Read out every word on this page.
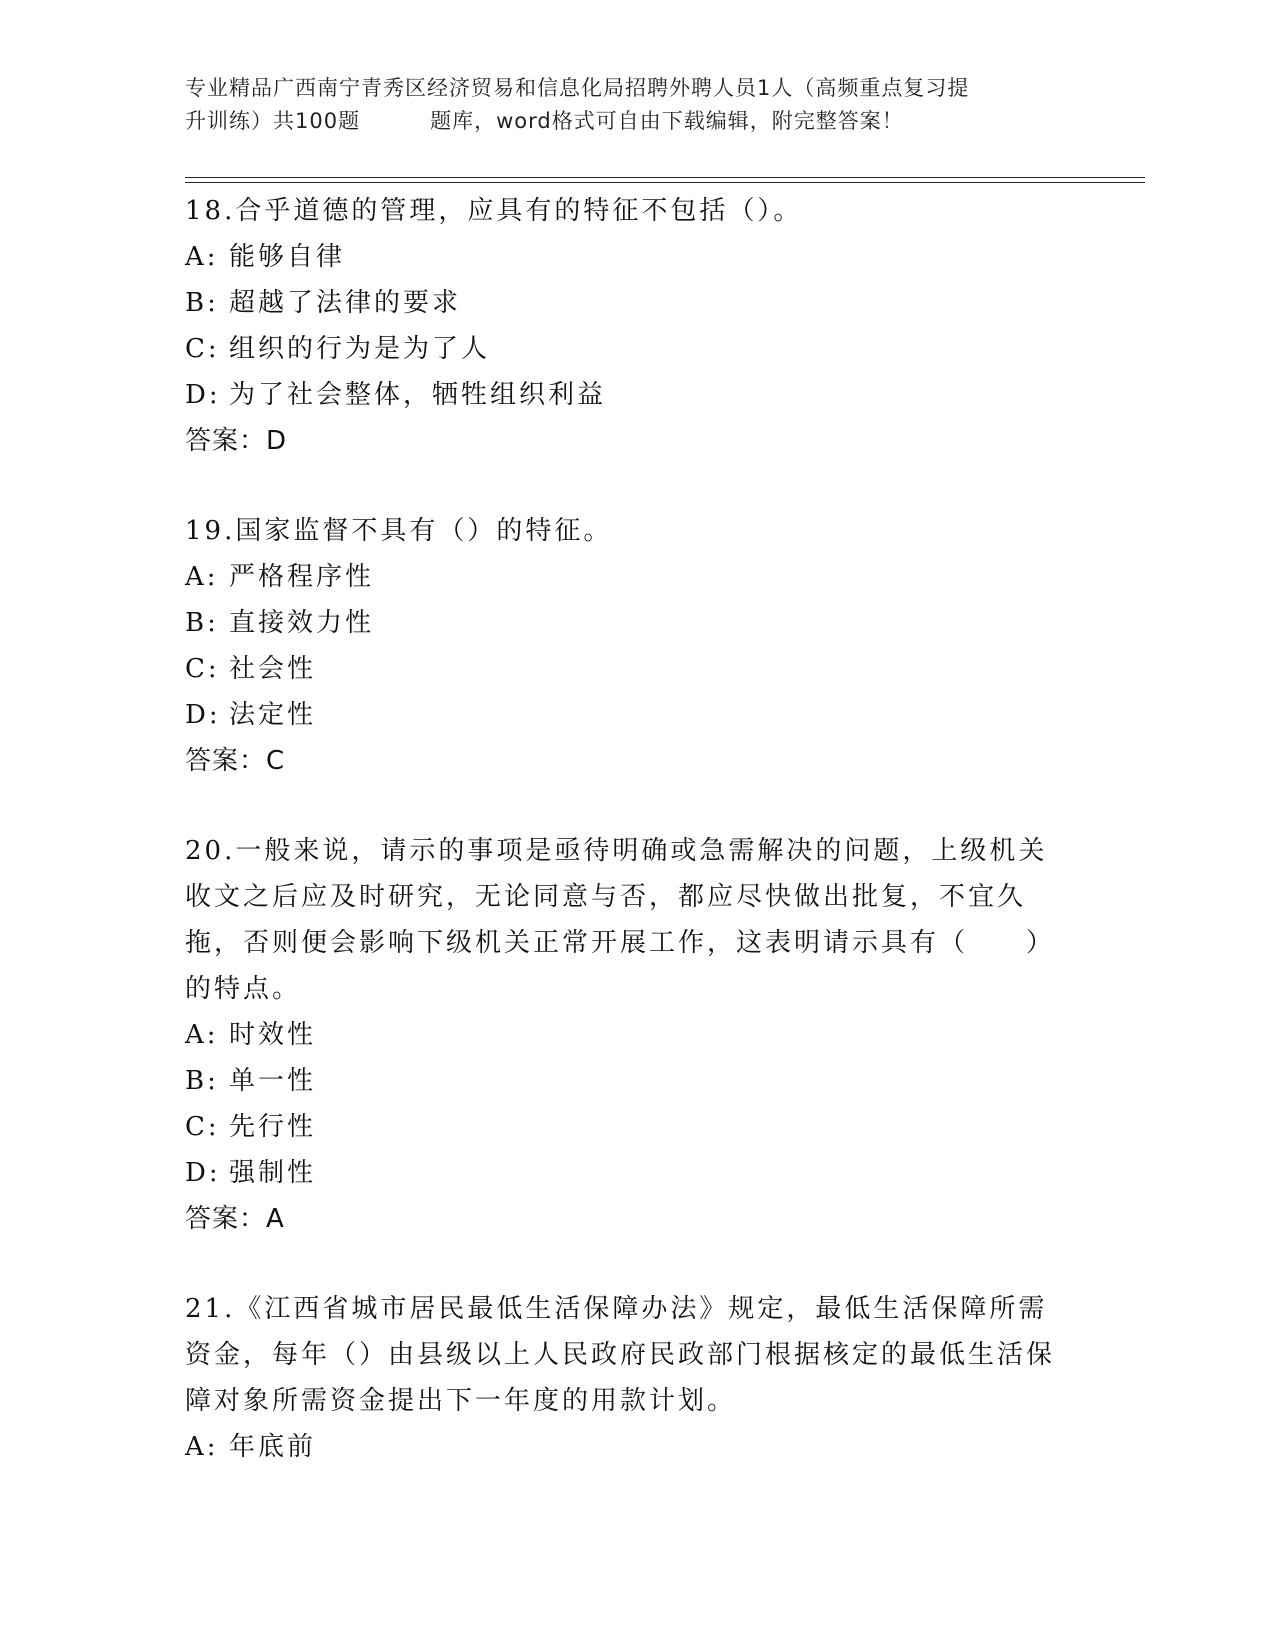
专业精品广西南宁青秀区经济贸易和信息化局招聘外聘人员1人（高频重点复习提
升训练）共100题	题库，word格式可自由下载编辑，附完整答案！
18.合乎道德的管理，应具有的特征不包括（）。
A: 能够自律
B: 超越了法律的要求
C: 组织的行为是为了人
D: 为了社会整体，牺牲组织利益
答案：D
19.国家监督不具有（）的特征。
A: 严格程序性
B: 直接效力性
C: 社会性
D: 法定性
答案：C
20.一般来说，请示的事项是亟待明确或急需解决的问题，上级机关收文之后应及时研究，无论同意与否，都应尽快做出批复，不宜久拖，否则便会影响下级机关正常开展工作，这表明请示具有（　　）的特点。
A: 时效性
B: 单一性
C: 先行性
D: 强制性
答案：A
21.《江西省城市居民最低生活保障办法》规定，最低生活保障所需资金，每年（）由县级以上人民政府民政部门根据核定的最低生活保障对象所需资金提出下一年度的用款计划。
A: 年底前
